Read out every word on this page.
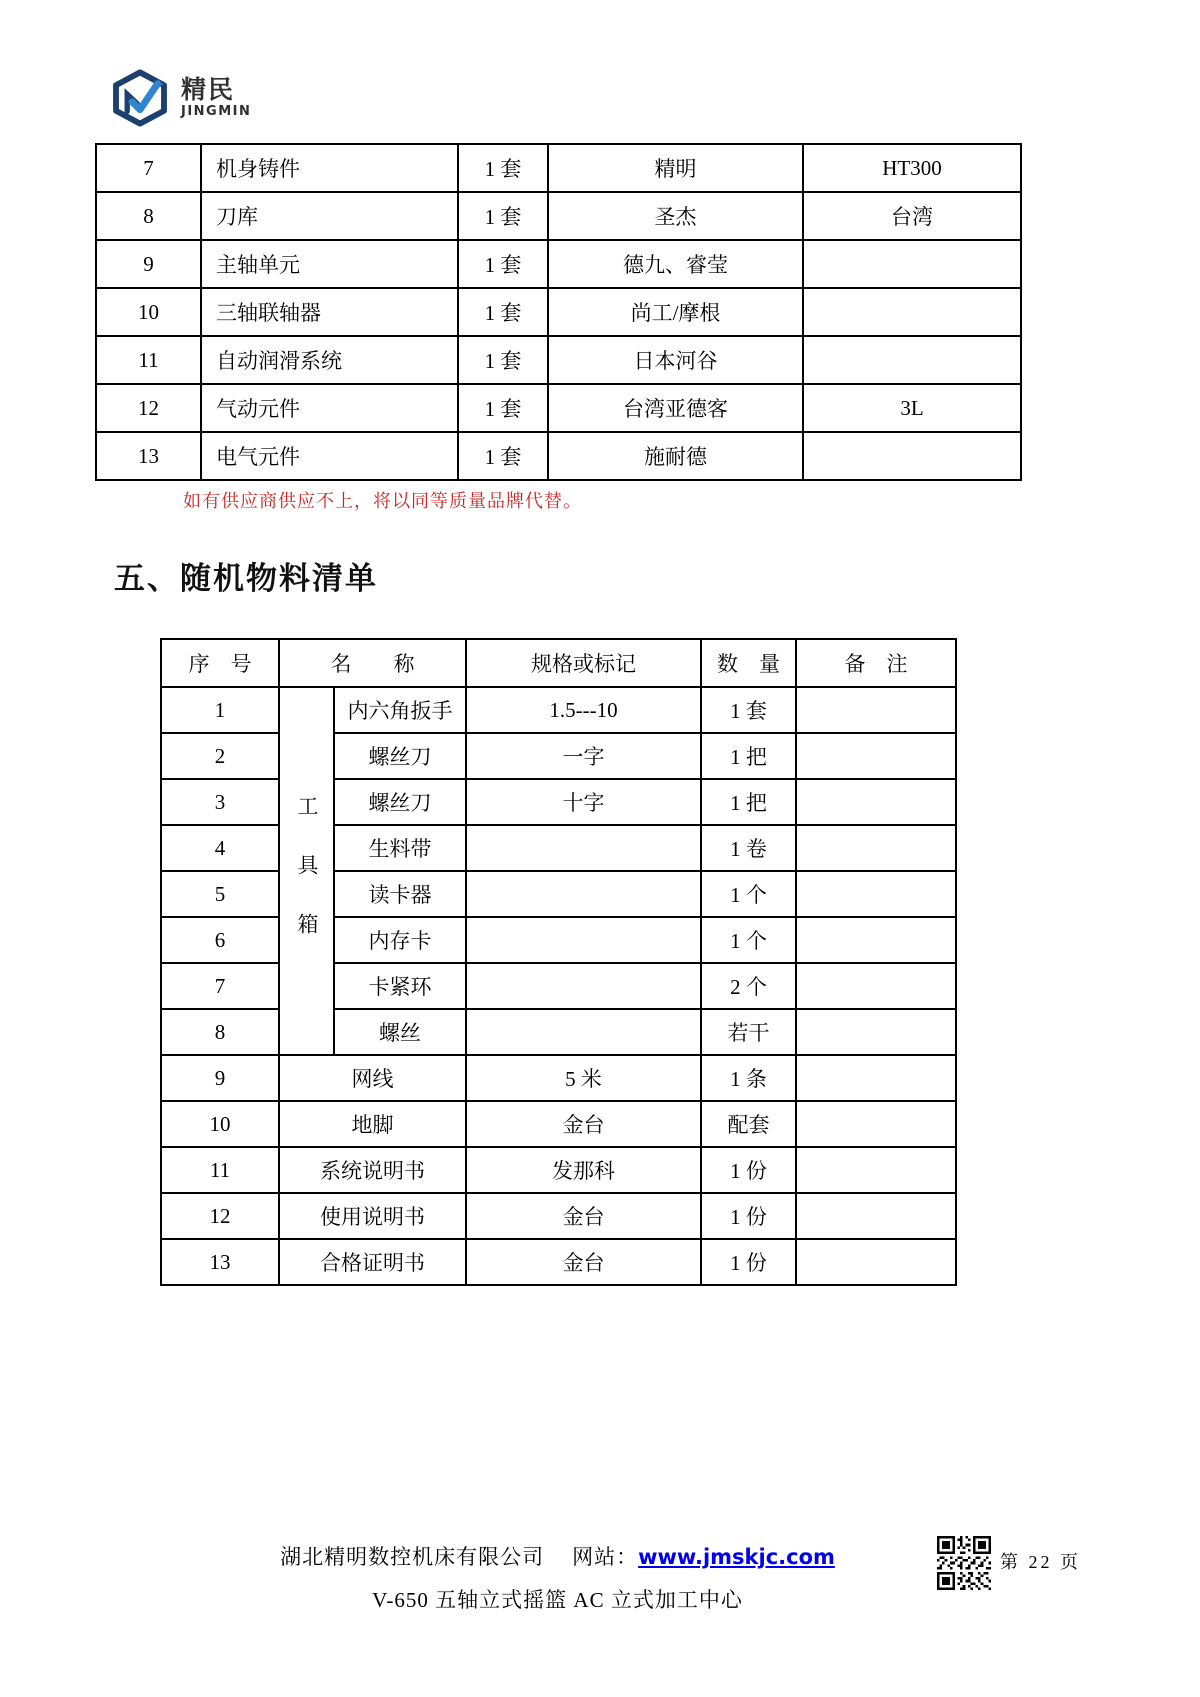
精民
JINGMIN
7	机身铸件	1 套	精明	HT300
8	刀库	1 套	圣杰	台湾
9	主轴单元	1 套	德九、睿莹	
10	三轴联轴器	1 套	尚工/摩根	
11	自动润滑系统	1 套	日本河谷	
12	气动元件	1 套	台湾亚德客	3L
13	电气元件	1 套	施耐德	
如有供应商供应不上，将以同等质量品牌代替。
五、随机物料清单
序　号	名　　称		规格或标记	数　量	备　注
1	工具箱	内六角扳手	1.5---10	1 套	
2		螺丝刀	一字	1 把	
3		螺丝刀	十字	1 把	
4		生料带		1 卷	
5		读卡器		1 个	
6		内存卡		1 个	
7		卡紧环		2 个	
8		螺丝		若干	
9	网线		5 米	1 条	
10	地脚		金台	配套	
11	系统说明书		发那科	1 份	
12	使用说明书		金台	1 份	
13	合格证明书		金台	1 份	
湖北精明数控机床有限公司 网站：www.jmskjc.com
V-650 五轴立式摇篮 AC 立式加工中心
第 22 页
